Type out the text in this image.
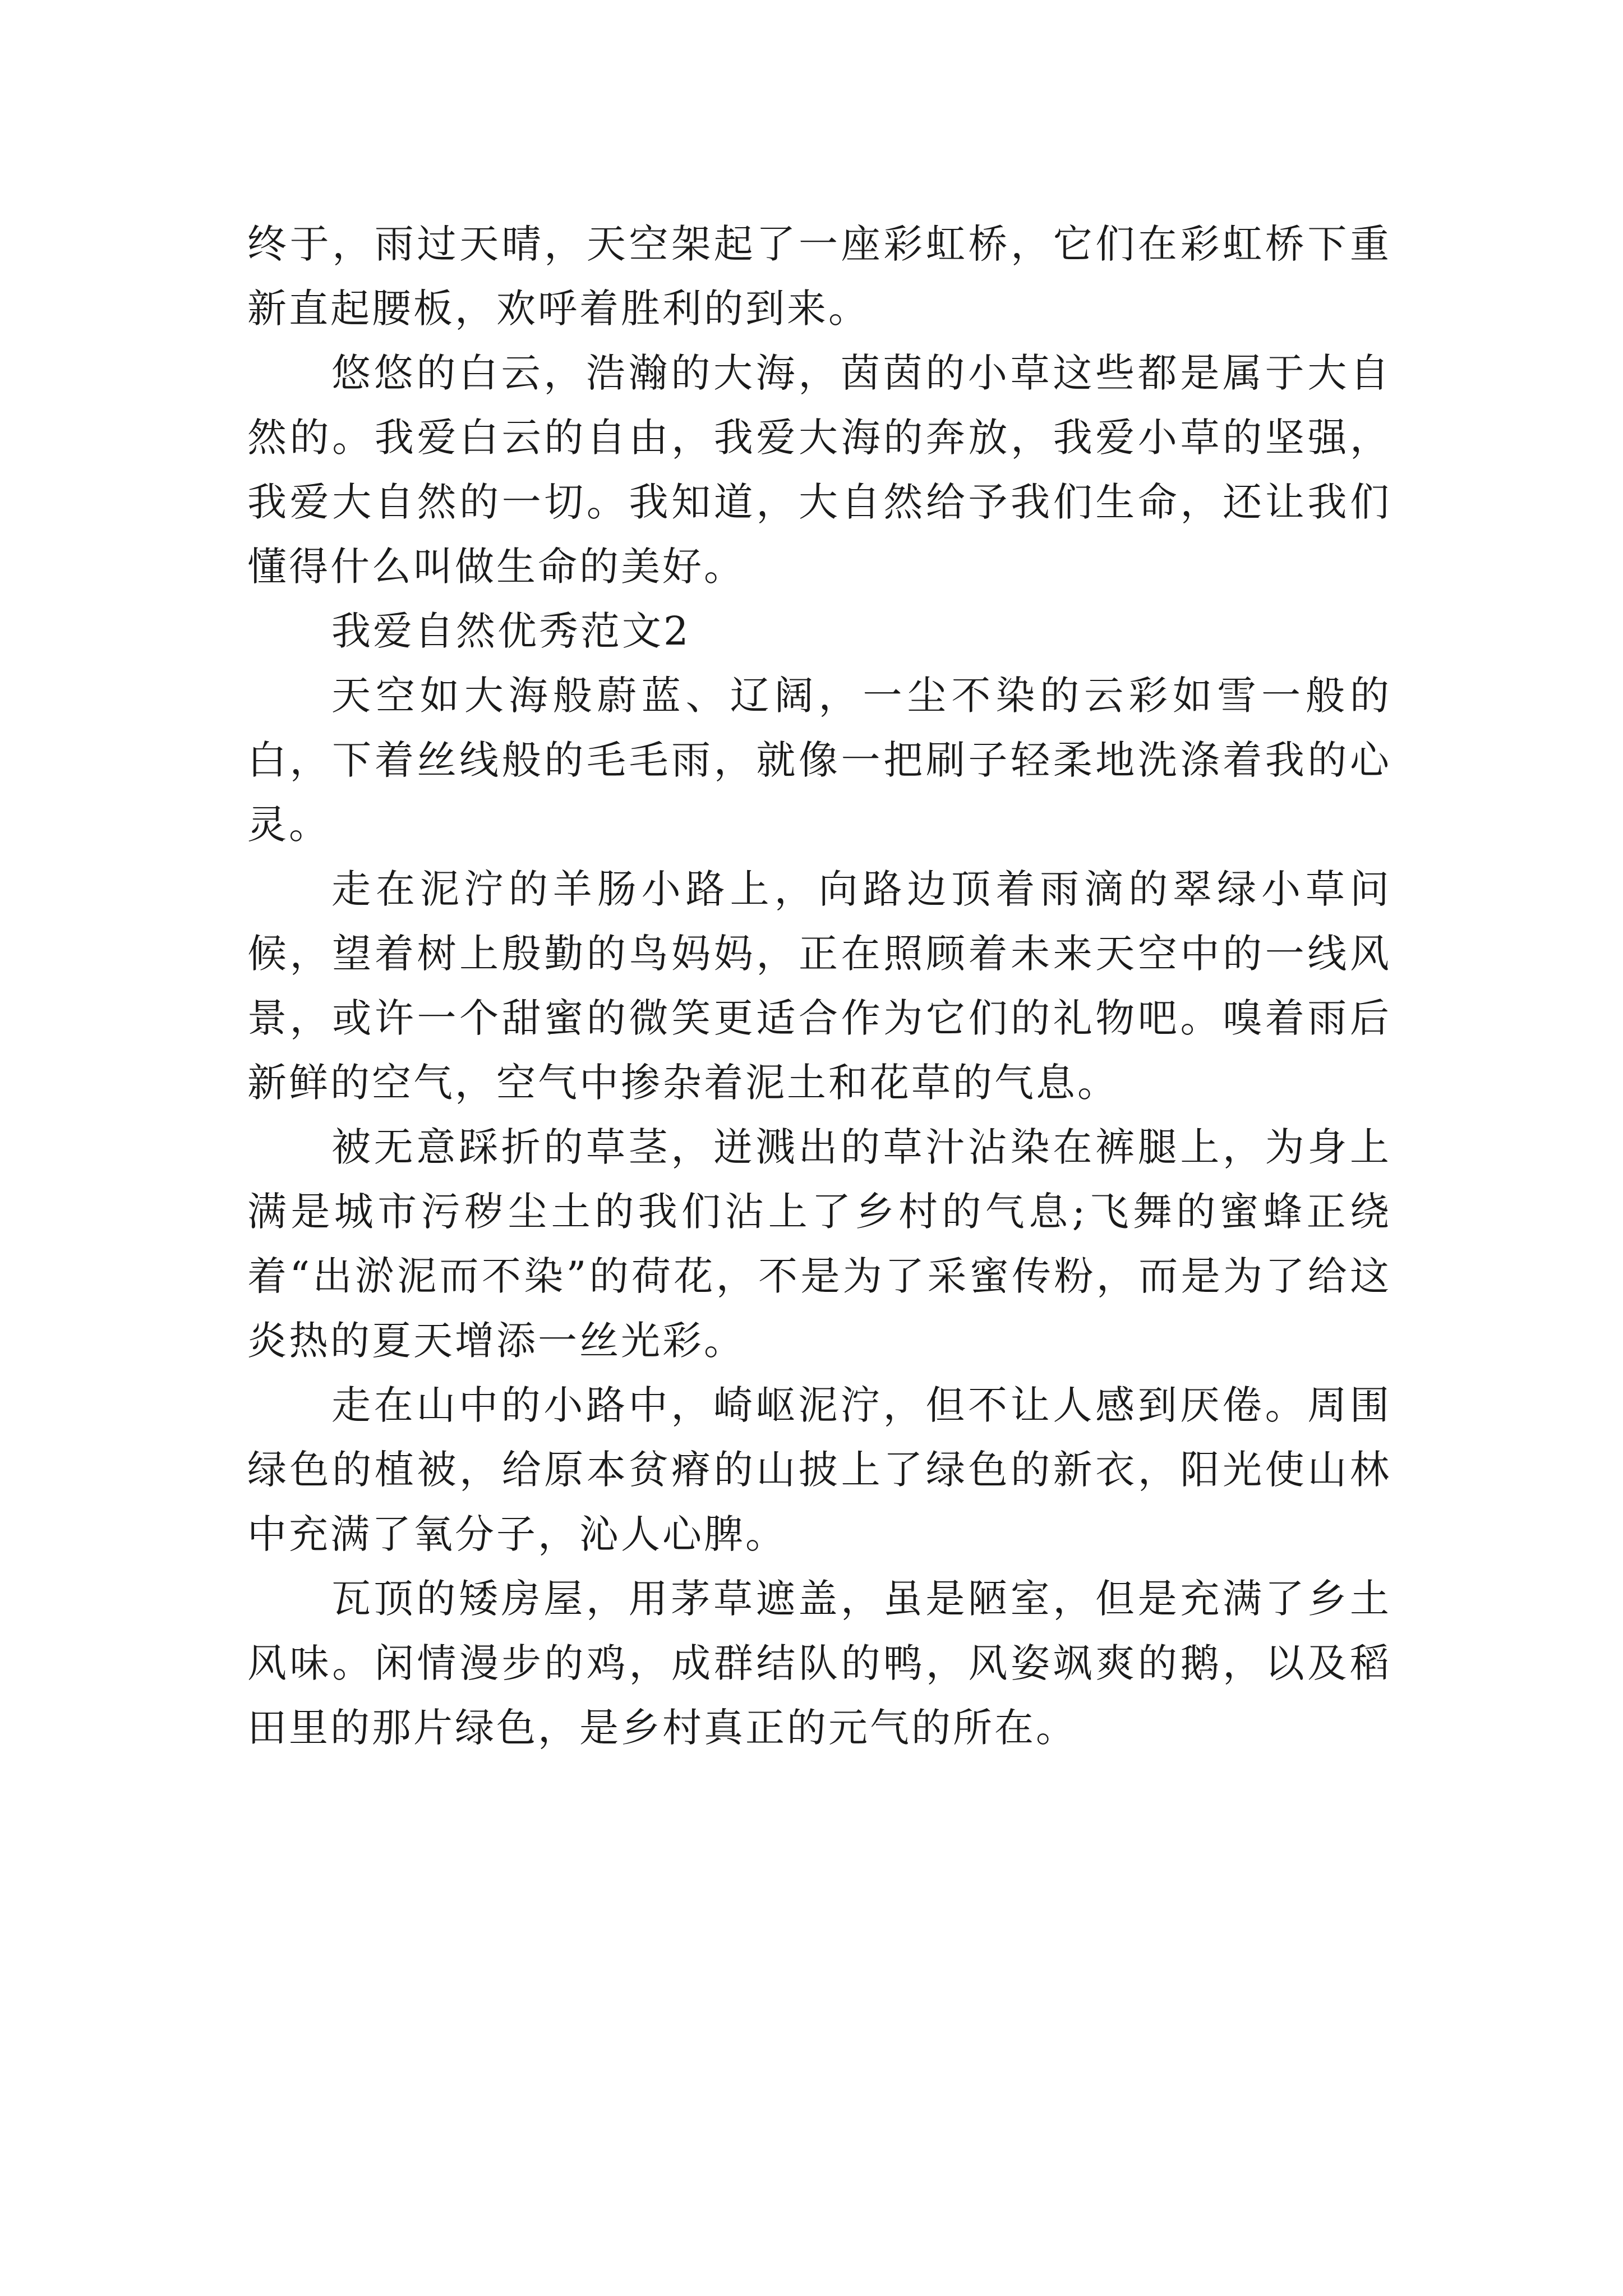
终于，雨过天晴，天空架起了一座彩虹桥，它们在彩虹桥下重新直起腰板，欢呼着胜利的到来。

悠悠的白云，浩瀚的大海，茵茵的小草这些都是属于大自然的。我爱白云的自由，我爱大海的奔放，我爱小草的坚强，我爱大自然的一切。我知道，大自然给予我们生命，还让我们懂得什么叫做生命的美好。

我爱自然优秀范文2

天空如大海般蔚蓝、辽阔，一尘不染的云彩如雪一般的白，下着丝线般的毛毛雨，就像一把刷子轻柔地洗涤着我的心灵。

走在泥泞的羊肠小路上，向路边顶着雨滴的翠绿小草问候，望着树上殷勤的鸟妈妈，正在照顾着未来天空中的一线风景，或许一个甜蜜的微笑更适合作为它们的礼物吧。嗅着雨后新鲜的空气，空气中掺杂着泥土和花草的气息。

被无意踩折的草茎，迸溅出的草汁沾染在裤腿上，为身上满是城市污秽尘土的我们沾上了乡村的气息;飞舞的蜜蜂正绕着“出淤泥而不染”的荷花，不是为了采蜜传粉，而是为了给这炎热的夏天增添一丝光彩。

走在山中的小路中，崎岖泥泞，但不让人感到厌倦。周围绿色的植被，给原本贫瘠的山披上了绿色的新衣，阳光使山林中充满了氧分子，沁人心脾。

瓦顶的矮房屋，用茅草遮盖，虽是陋室，但是充满了乡土风味。闲情漫步的鸡，成群结队的鸭，风姿飒爽的鹅，以及稻田里的那片绿色，是乡村真正的元气的所在。
